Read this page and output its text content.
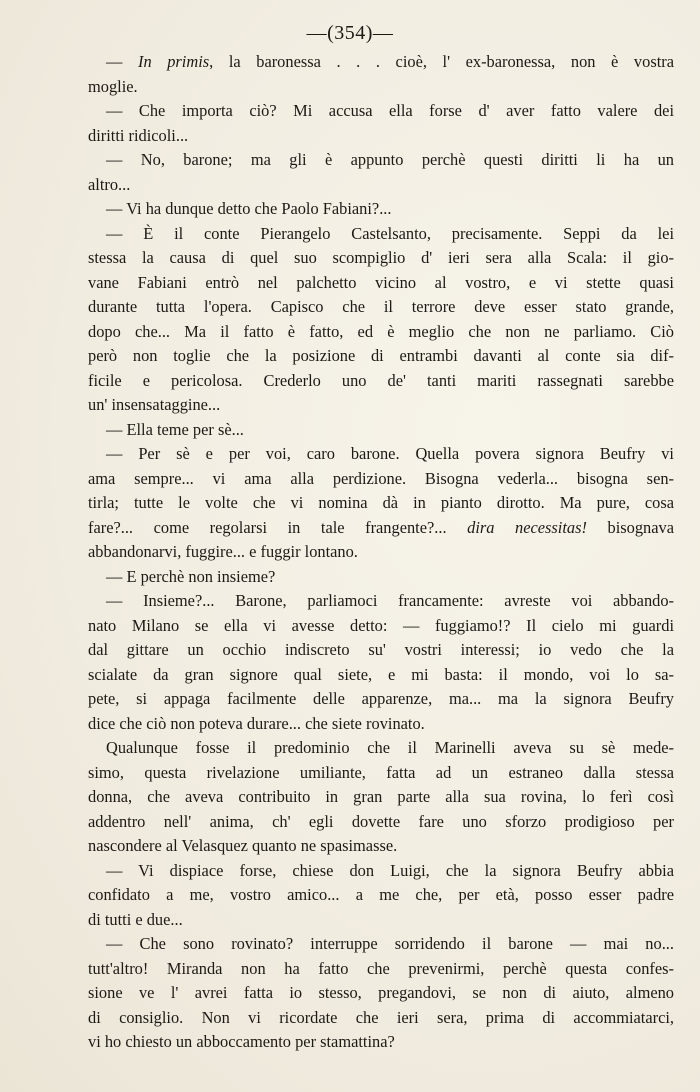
—(354)—
— In primis, la baronessa . . . cioè, l' ex-baronessa, non è vostra
moglie.
— Che importa ciò? Mi accusa ella forse d' aver fatto valere dei
diritti ridicoli...
— No, barone; ma gli è appunto perchè questi diritti li ha un
altro...
— Vi ha dunque detto che Paolo Fabiani?...
— È il conte Pierangelo Castelsanto, precisamente. Seppi da lei
stessa la causa di quel suo scompiglio d' ieri sera alla Scala: il gio-
vane Fabiani entrò nel palchetto vicino al vostro, e vi stette quasi
durante tutta l'opera. Capisco che il terrore deve esser stato grande,
dopo che... Ma il fatto è fatto, ed è meglio che non ne parliamo. Ciò
però non toglie che la posizione di entrambi davanti al conte sia dif-
ficile e pericolosa. Crederlo uno de' tanti mariti rassegnati sarebbe
un' insensataggine...
— Ella teme per sè...
— Per sè e per voi, caro barone. Quella povera signora Beufry vi
ama sempre... vi ama alla perdizione. Bisogna vederla... bisogna sen-
tirla; tutte le volte che vi nomina dà in pianto dirotto. Ma pure, cosa
fare?... come regolarsi in tale frangente?... dira necessitas! bisognava
abbandonarvi, fuggire... e fuggir lontano.
— E perchè non insieme?
— Insieme?... Barone, parliamoci francamente: avreste voi abbando-
nato Milano se ella vi avesse detto: — fuggiamo!? Il cielo mi guardi
dal gittare un occhio indiscreto su' vostri interessi; io vedo che la
scialate da gran signore qual siete, e mi basta: il mondo, voi lo sa-
pete, si appaga facilmente delle apparenze, ma... ma la signora Beufry
dice che ciò non poteva durare... che siete rovinato.
Qualunque fosse il predominio che il Marinelli aveva su sè mede-
simo, questa rivelazione umiliante, fatta ad un estraneo dalla stessa
donna, che aveva contribuito in gran parte alla sua rovina, lo ferì così
addentro nell' anima, ch' egli dovette fare uno sforzo prodigioso per
nascondere al Velasquez quanto ne spasimasse.
— Vi dispiace forse, chiese don Luigi, che la signora Beufry abbia
confidato a me, vostro amico... a me che, per età, posso esser padre
di tutti e due...
— Che sono rovinato? interruppe sorridendo il barone — mai no...
tutt'altro! Miranda non ha fatto che prevenirmi, perchè questa confes-
sione ve l' avrei fatta io stesso, pregandovi, se non di aiuto, almeno
di consiglio. Non vi ricordate che ieri sera, prima di accommiatarci,
vi ho chiesto un abboccamento per stamattina?
